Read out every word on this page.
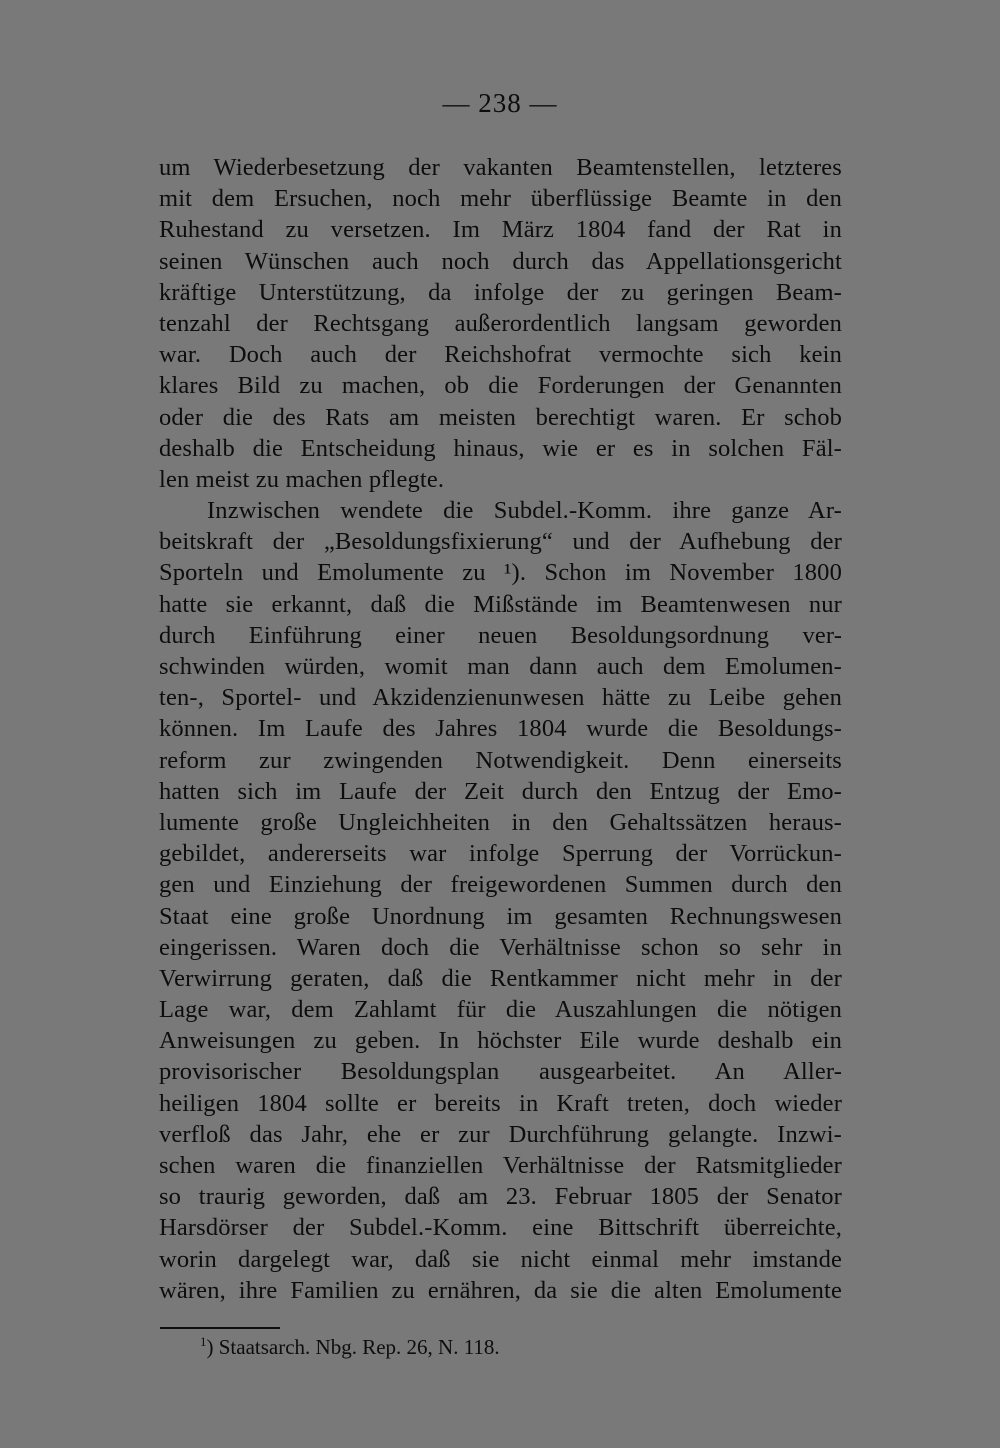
— 238 —
um Wiederbesetzung der vakanten Beamtenstellen, letzteres
mit dem Ersuchen, noch mehr überflüssige Beamte in den
Ruhestand zu versetzen. Im März 1804 fand der Rat in
seinen Wünschen auch noch durch das Appellationsgericht
kräftige Unterstützung, da infolge der zu geringen Beam-
tenzahl der Rechtsgang außerordentlich langsam geworden
war. Doch auch der Reichshofrat vermochte sich kein
klares Bild zu machen, ob die Forderungen der Genannten
oder die des Rats am meisten berechtigt waren. Er schob
deshalb die Entscheidung hinaus, wie er es in solchen Fäl-
len meist zu machen pflegte.
Inzwischen wendete die Subdel.-Komm. ihre ganze Ar-
beitskraft der „Besoldungsfixierung“ und der Aufhebung der
Sporteln und Emolumente zu ¹). Schon im November 1800
hatte sie erkannt, daß die Mißstände im Beamtenwesen nur
durch Einführung einer neuen Besoldungsordnung ver-
schwinden würden, womit man dann auch dem Emolumen-
ten-, Sportel- und Akzidenzienunwesen hätte zu Leibe gehen
können. Im Laufe des Jahres 1804 wurde die Besoldungs-
reform zur zwingenden Notwendigkeit. Denn einerseits
hatten sich im Laufe der Zeit durch den Entzug der Emo-
lumente große Ungleichheiten in den Gehaltssätzen heraus-
gebildet, andererseits war infolge Sperrung der Vorrückun-
gen und Einziehung der freigewordenen Summen durch den
Staat eine große Unordnung im gesamten Rechnungswesen
eingerissen. Waren doch die Verhältnisse schon so sehr in
Verwirrung geraten, daß die Rentkammer nicht mehr in der
Lage war, dem Zahlamt für die Auszahlungen die nötigen
Anweisungen zu geben. In höchster Eile wurde deshalb ein
provisorischer Besoldungsplan ausgearbeitet. An Aller-
heiligen 1804 sollte er bereits in Kraft treten, doch wieder
verfloß das Jahr, ehe er zur Durchführung gelangte. Inzwi-
schen waren die finanziellen Verhältnisse der Ratsmitglieder
so traurig geworden, daß am 23. Februar 1805 der Senator
Harsdörser der Subdel.-Komm. eine Bittschrift überreichte,
worin dargelegt war, daß sie nicht einmal mehr imstande
wären, ihre Familien zu ernähren, da sie die alten Emolumente
$^1$) Staatsarch. Nbg. Rep. 26, N. 118.
